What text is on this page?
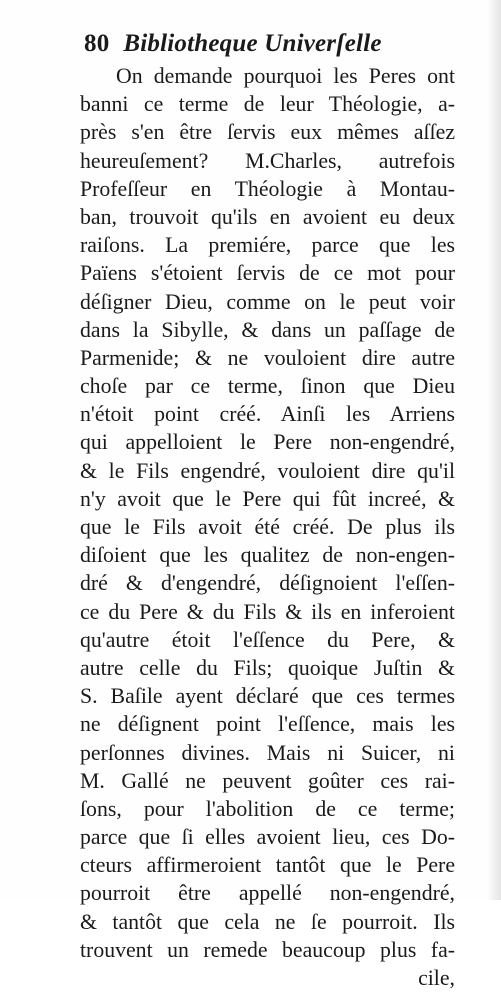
80 Bibliotheque Univerſelle
On demande pourquoi les Peres ont
banni ce terme de leur Théologie, a-
près s'en être ſervis eux mêmes aſſez
heureuſement? M.Charles, autrefois
Profeſſeur en Théologie à Montau-
ban, trouvoit qu'ils en avoient eu deux
raiſons. La premiére, parce que les
Païens s'étoient ſervis de ce mot pour
déſigner Dieu, comme on le peut voir
dans la Sibylle, & dans un paſſage de
Parmenide; & ne vouloient dire autre
choſe par ce terme, ſinon que Dieu
n'étoit point créé. Ainſi les Arriens
qui appelloient le Pere non-engendré,
& le Fils engendré, vouloient dire qu'il
n'y avoit que le Pere qui fût increé, &
que le Fils avoit été créé. De plus ils
diſoient que les qualitez de non-engen-
dré & d'engendré, déſignoient l'eſſen-
ce du Pere & du Fils & ils en inferoient
qu'autre étoit l'eſſence du Pere, &
autre celle du Fils; quoique Juſtin &
S. Baſile ayent déclaré que ces termes
ne déſignent point l'eſſence, mais les
perſonnes divines. Mais ni Suicer, ni
M. Gallé ne peuvent goûter ces rai-
ſons, pour l'abolition de ce terme;
parce que ſi elles avoient lieu, ces Do-
cteurs affirmeroient tantôt que le Pere
pourroit être appellé non-engendré,
& tantôt que cela ne ſe pourroit. Ils
trouvent un remede beaucoup plus fa-
cile,
